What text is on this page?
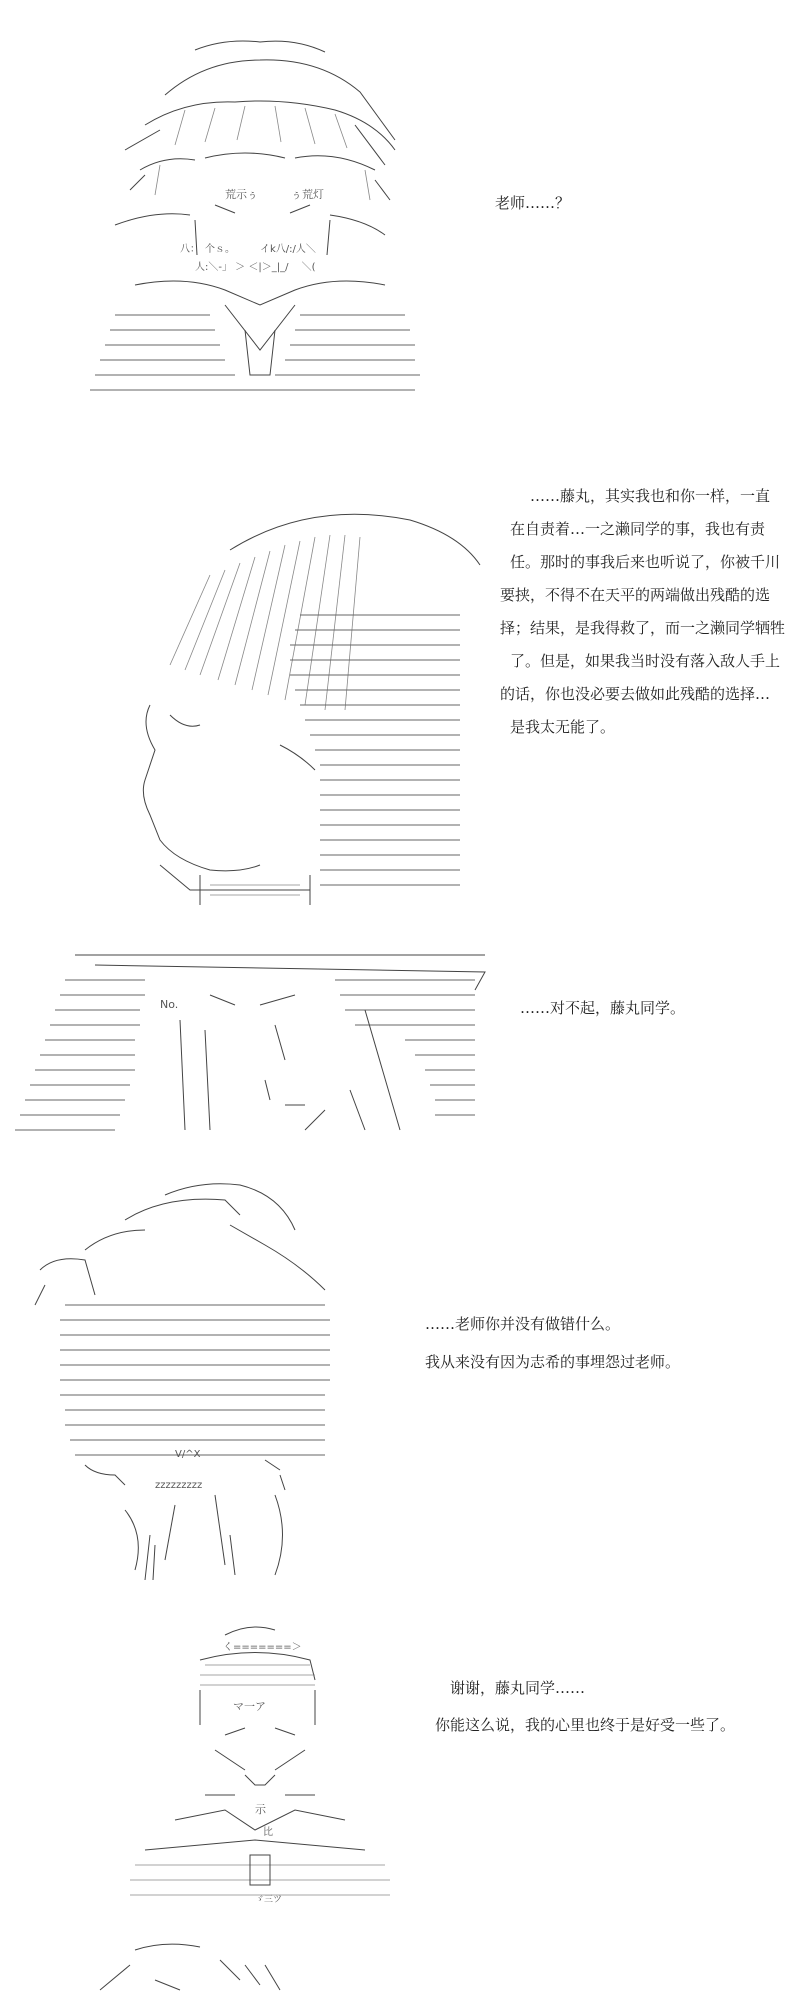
荒示ぅ　　　ぅ荒灯
八：　个ｓ。　　　イk八/:/人＼
人:＼-」 ＞ ＜|＞_|_/　 ＼(

老师……？

……藤丸，其实我也和你一样，一直

在自责着…一之濑同学的事，我也有责

任。那时的事我后来也听说了，你被千川

要挟，不得不在天平的两端做出残酷的选

择；结果，是我得救了，而一之濑同学牺牲

了。但是，如果我当时没有落入敌人手上

的话，你也没必要去做如此残酷的选择…

是我太无能了。

No.	……对不起，藤丸同学。

V/^X
zzzzzzzzz

……老师你并没有做错什么。

我从来没有因为志希的事埋怨过老师。

く=======＞
マ一ア
示
比
ゞ三ツ

谢谢，藤丸同学……

你能这么说，我的心里也终于是好受一些了。
